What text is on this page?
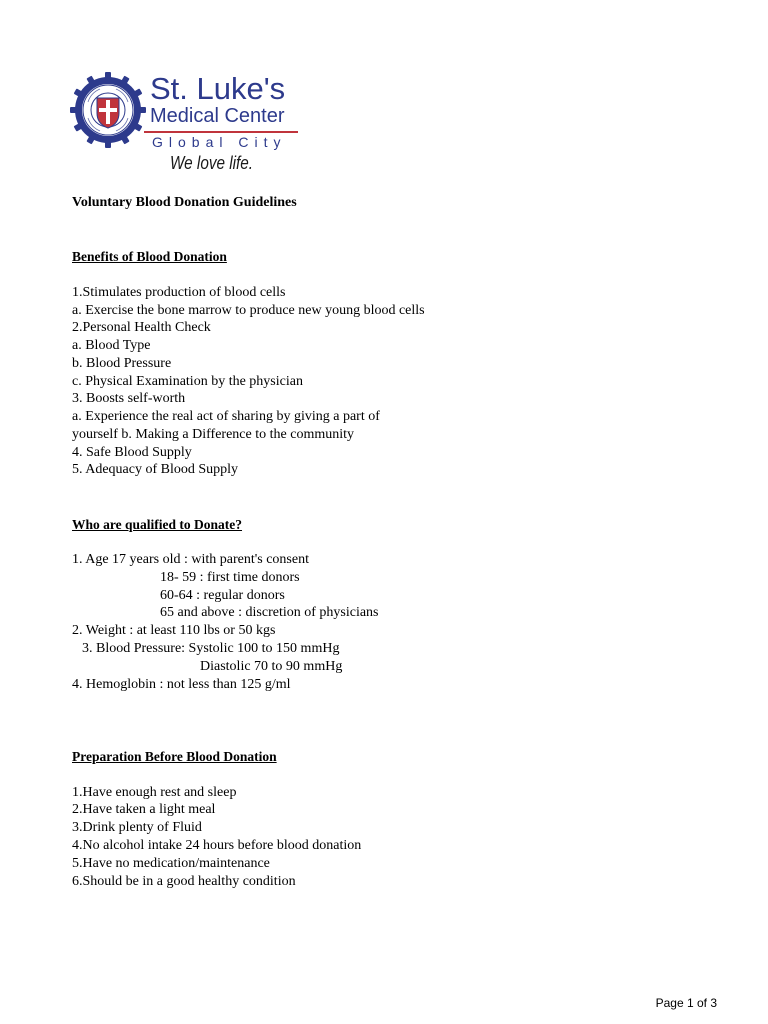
St. Luke's
Medical Center
Global City
We love life.
Voluntary Blood Donation Guidelines
Benefits of Blood Donation
1.Stimulates production of blood cells
a. Exercise the bone marrow to produce new young blood cells
2.Personal Health Check
a. Blood Type
b. Blood Pressure
c. Physical Examination by the physician
3. Boosts self-worth
a. Experience the real act of sharing by giving a part of
yourself b. Making a Difference to the community
4. Safe Blood Supply
5. Adequacy of Blood Supply
Who are qualified to Donate?
1. Age 17 years old : with parent's consent
18- 59 : first time donors
60-64 : regular donors
65 and above : discretion of physicians
2. Weight : at least 110 lbs or 50 kgs
3. Blood Pressure: Systolic 100 to 150 mmHg
Diastolic 70 to 90 mmHg
4. Hemoglobin : not less than 125 g/ml
Preparation Before Blood Donation
1.Have enough rest and sleep
2.Have taken a light meal
3.Drink plenty of Fluid
4.No alcohol intake 24 hours before blood donation
5.Have no medication/maintenance
6.Should be in a good healthy condition
Page 1 of 3
